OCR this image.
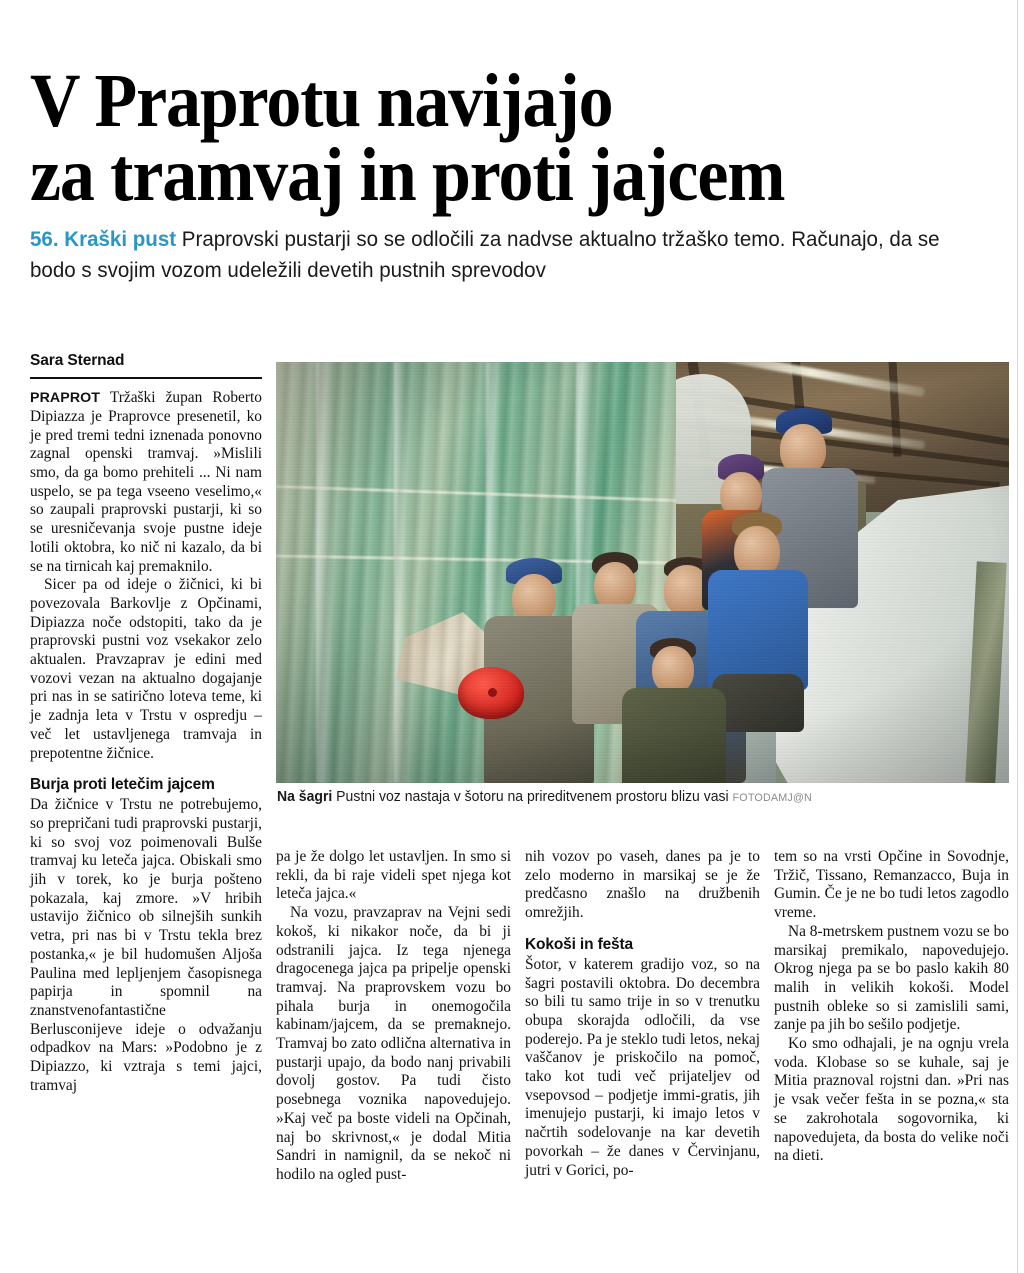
V Praprotu navijajo
za tramvaj in proti jajcem
56. Kraški pust Praprovski pustarji so se odločili za nadvse aktualno tržaško temo. Računajo, da se bodo s svojim vozom udeležili devetih pustnih sprevodov
Sara Sternad

PRAPROT Tržaški župan Roberto Dipiazza je Praprovce presenetil, ko je pred tremi tedni iznenada ponovno zagnal openski tramvaj. »Mislili smo, da ga bomo prehiteli ... Ni nam uspelo, se pa tega vseeno veselimo,« so zaupali praprovski pustarji, ki so se uresničevanja svoje pustne ideje lotili oktobra, ko nič ni kazalo, da bi se na tirnicah kaj premaknilo.

Sicer pa od ideje o žičnici, ki bi povezovala Barkovlje z Opčinami, Dipiazza noče odstopiti, tako da je praprovski pustni voz vsekakor zelo aktualen. Pravzaprav je edini med vozovi vezan na aktualno dogajanje pri nas in se satirično loteva teme, ki je zadnja leta v Trstu v ospredju – več let ustavljenega tramvaja in prepotentne žičnice.

Burja proti letečim jajcem

Da žičnice v Trstu ne potrebujemo, so prepričani tudi praprovski pustarji, ki so svoj voz poimenovali Bulše tramvaj ku leteča jajca. Obiskali smo jih v torek, ko je burja pošteno pokazala, kaj zmore. »V hribih ustavijo žičnico ob silnejših sunkih vetra, pri nas bi v Trstu tekla brez postanka,« je bil hudomušen Aljoša Paulina med lepljenjem časopisnega papirja in spomnil na znanstvenofantastične Berlusconijeve ideje o odvažanju odpadkov na Mars: »Podobno je z Dipiazzo, ki vztraja s temi jajci, tramvaj

Na šagri Pustni voz nastaja v šotoru na prireditvenem prostoru blizu vasi FOTODAMJ@N

pa je že dolgo let ustavljen. In smo si rekli, da bi raje videli spet njega kot leteča jajca.«

Na vozu, pravzaprav na Vejni sedi kokoš, ki nikakor noče, da bi ji odstranili jajca. Iz tega njenega dragocenega jajca pa pripelje openski tramvaj. Na praprovskem vozu bo pihala burja in onemogočila kabinam/jajcem, da se premaknejo. Tramvaj bo zato odlična alternativa in pustarji upajo, da bodo nanj privabili dovolj gostov. Pa tudi čisto posebnega voznika napovedujejo. »Kaj več pa boste videli na Opčinah, naj bo skrivnost,« je dodal Mitia Sandri in namignil, da se nekoč ni hodilo na ogled pust-

nih vozov po vaseh, danes pa je to zelo moderno in marsikaj se je že predčasno znašlo na družbenih omrežjih.

Kokoši in fešta

Šotor, v katerem gradijo voz, so na šagri postavili oktobra. Do decembra so bili tu samo trije in so v trenutku obupa skorajda odločili, da vse poderejo. Pa je steklo tudi letos, nekaj vaščanov je priskočilo na pomoč, tako kot tudi več prijateljev od vsepovsod – podjetje immi-gratis, jih imenujejo pustarji, ki imajo letos v načrtih sodelovanje na kar devetih povorkah – že danes v Červinjanu, jutri v Gorici, po-

tem so na vrsti Opčine in Sovodnje, Tržič, Tissano, Remanzacco, Buja in Gumin. Če je ne bo tudi letos zagodlo vreme.

Na 8-metrskem pustnem vozu se bo marsikaj premikalo, napovedujejo. Okrog njega pa se bo paslo kakih 80 malih in velikih kokoši. Model pustnih obleke so si zamislili sami, zanje pa jih bo sešilo podjetje.

Ko smo odhajali, je na ognju vrela voda. Klobase so se kuhale, saj je Mitia praznoval rojstni dan. »Pri nas je vsak večer fešta in se pozna,« sta se zakrohotala sogovornika, ki napovedujeta, da bosta do velike noči na dieti.
